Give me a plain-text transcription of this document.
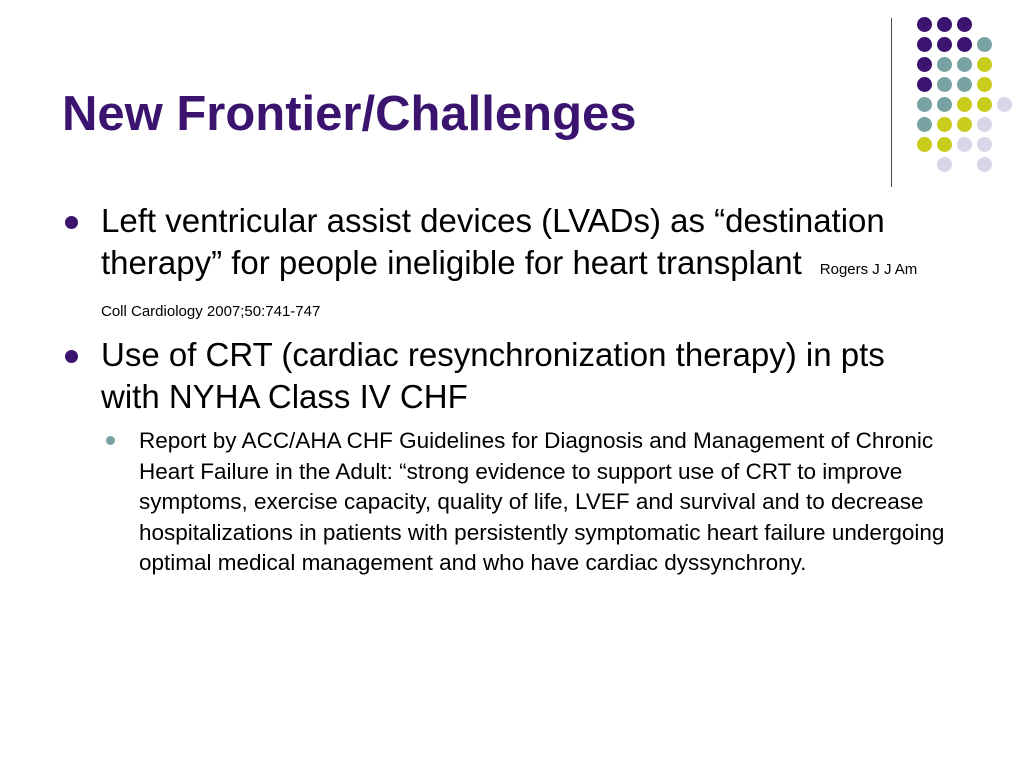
New Frontier/Challenges
Left ventricular assist devices (LVADs) as “destination therapy” for people ineligible for heart transplant Rogers J J Am Coll Cardiology 2007;50:741-747
Use of CRT (cardiac resynchronization therapy) in pts with NYHA Class IV CHF
Report by ACC/AHA CHF Guidelines for Diagnosis and Management of Chronic Heart Failure in the Adult: “strong evidence to support use of CRT to improve symptoms, exercise capacity, quality of life, LVEF and survival and to decrease hospitalizations in patients with persistently symptomatic heart failure undergoing optimal medical management and who have cardiac dyssynchrony.
